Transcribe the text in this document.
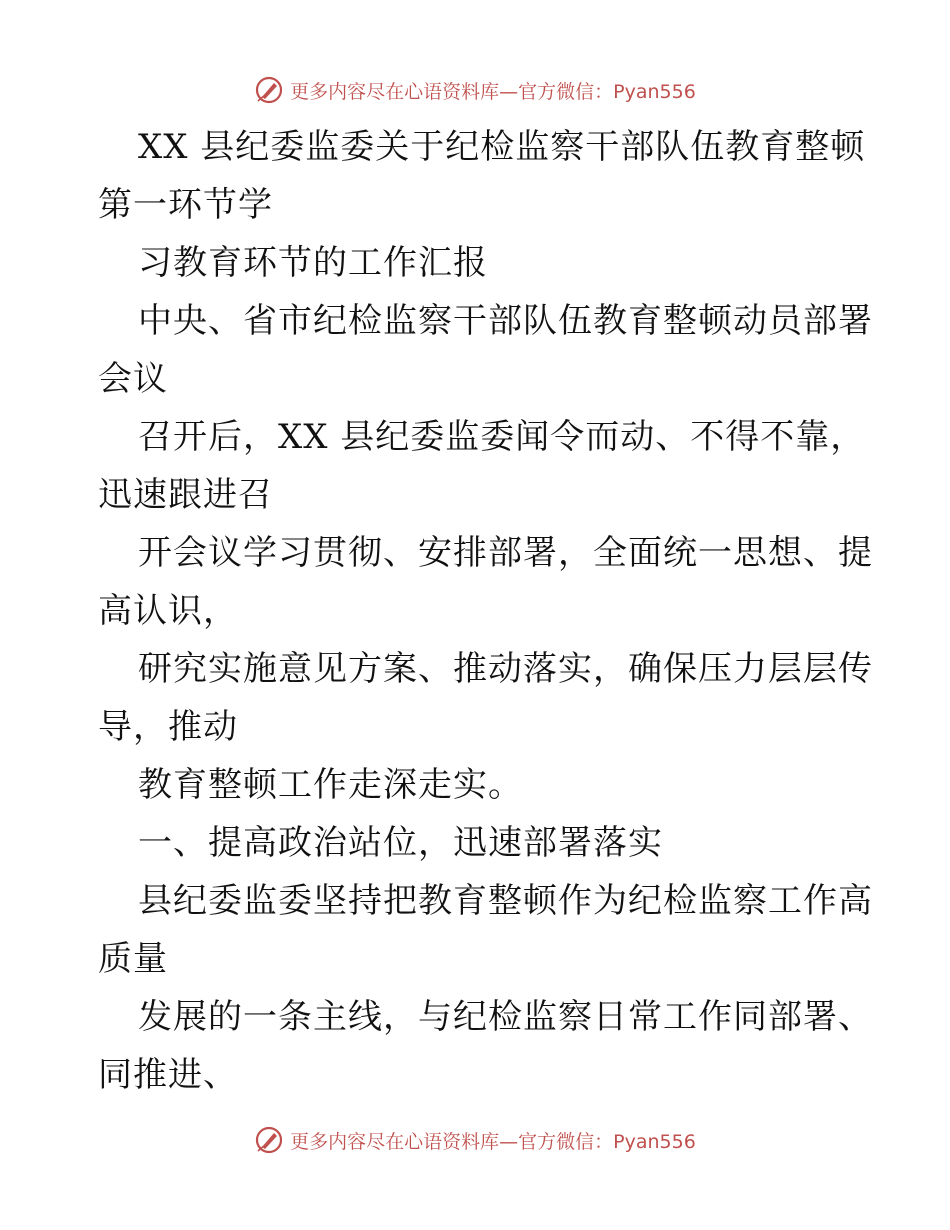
更多内容尽在心语资料库—官方微信：Pyan556
XX 县纪委监委关于纪检监察干部队伍教育整顿
第一环节学
习教育环节的工作汇报
中央、省市纪检监察干部队伍教育整顿动员部署
会议
召开后，XX 县纪委监委闻令而动、不得不靠，
迅速跟进召
开会议学习贯彻、安排部署，全面统一思想、提
高认识，
研究实施意见方案、推动落实，确保压力层层传
导，推动
教育整顿工作走深走实。
一、提高政治站位，迅速部署落实
县纪委监委坚持把教育整顿作为纪检监察工作高
质量
发展的一条主线，与纪检监察日常工作同部署、
同推进、
更多内容尽在心语资料库—官方微信：Pyan556
